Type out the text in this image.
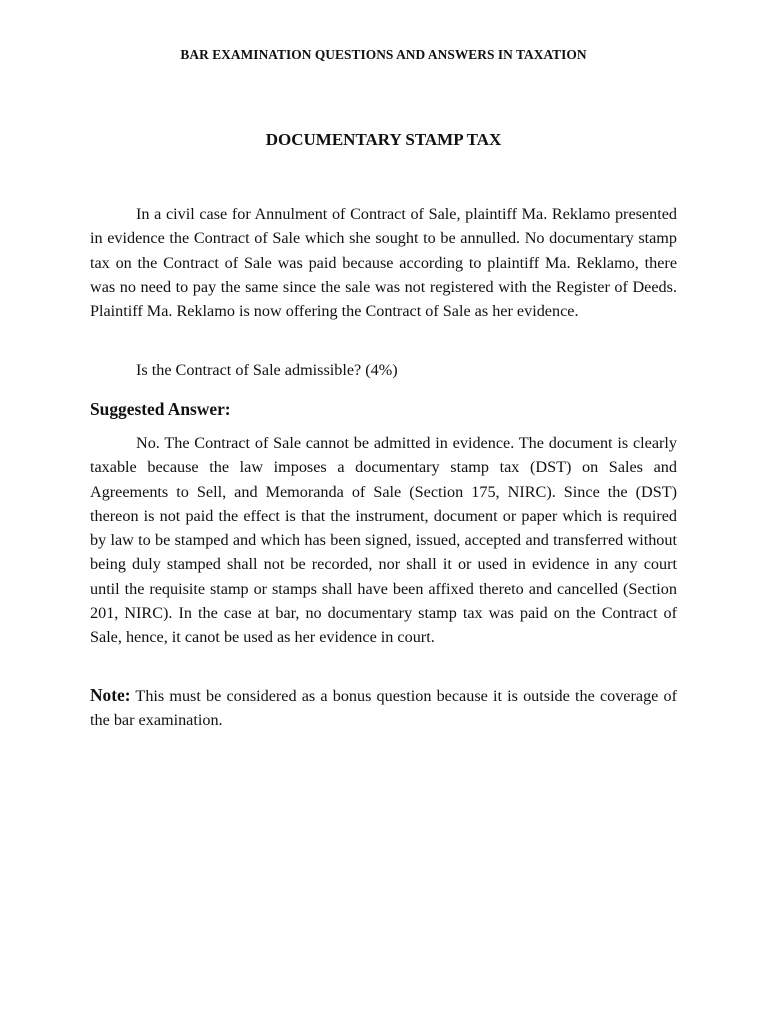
BAR EXAMINATION QUESTIONS AND ANSWERS IN TAXATION
DOCUMENTARY STAMP TAX

In a civil case for Annulment of Contract of Sale, plaintiff Ma. Reklamo presented in evidence the Contract of Sale which she sought to be annulled. No documentary stamp tax on the Contract of Sale was paid because according to plaintiff Ma. Reklamo, there was no need to pay the same since the sale was not registered with the Register of Deeds. Plaintiff Ma. Reklamo is now offering the Contract of Sale as her evidence.

Is the Contract of Sale admissible? (4%)

Suggested Answer:

No. The Contract of Sale cannot be admitted in evidence. The document is clearly taxable because the law imposes a documentary stamp tax (DST) on Sales and Agreements to Sell, and Memoranda of Sale (Section 175, NIRC). Since the (DST) thereon is not paid the effect is that the instrument, document or paper which is required by law to be stamped and which has been signed, issued, accepted and transferred without being duly stamped shall not be recorded, nor shall it or used in evidence in any court until the requisite stamp or stamps shall have been affixed thereto and cancelled (Section 201, NIRC). In the case at bar, no documentary stamp tax was paid on the Contract of Sale, hence, it canot be used as her evidence in court.

Note: This must be considered as a bonus question because it is outside the coverage of the bar examination.
